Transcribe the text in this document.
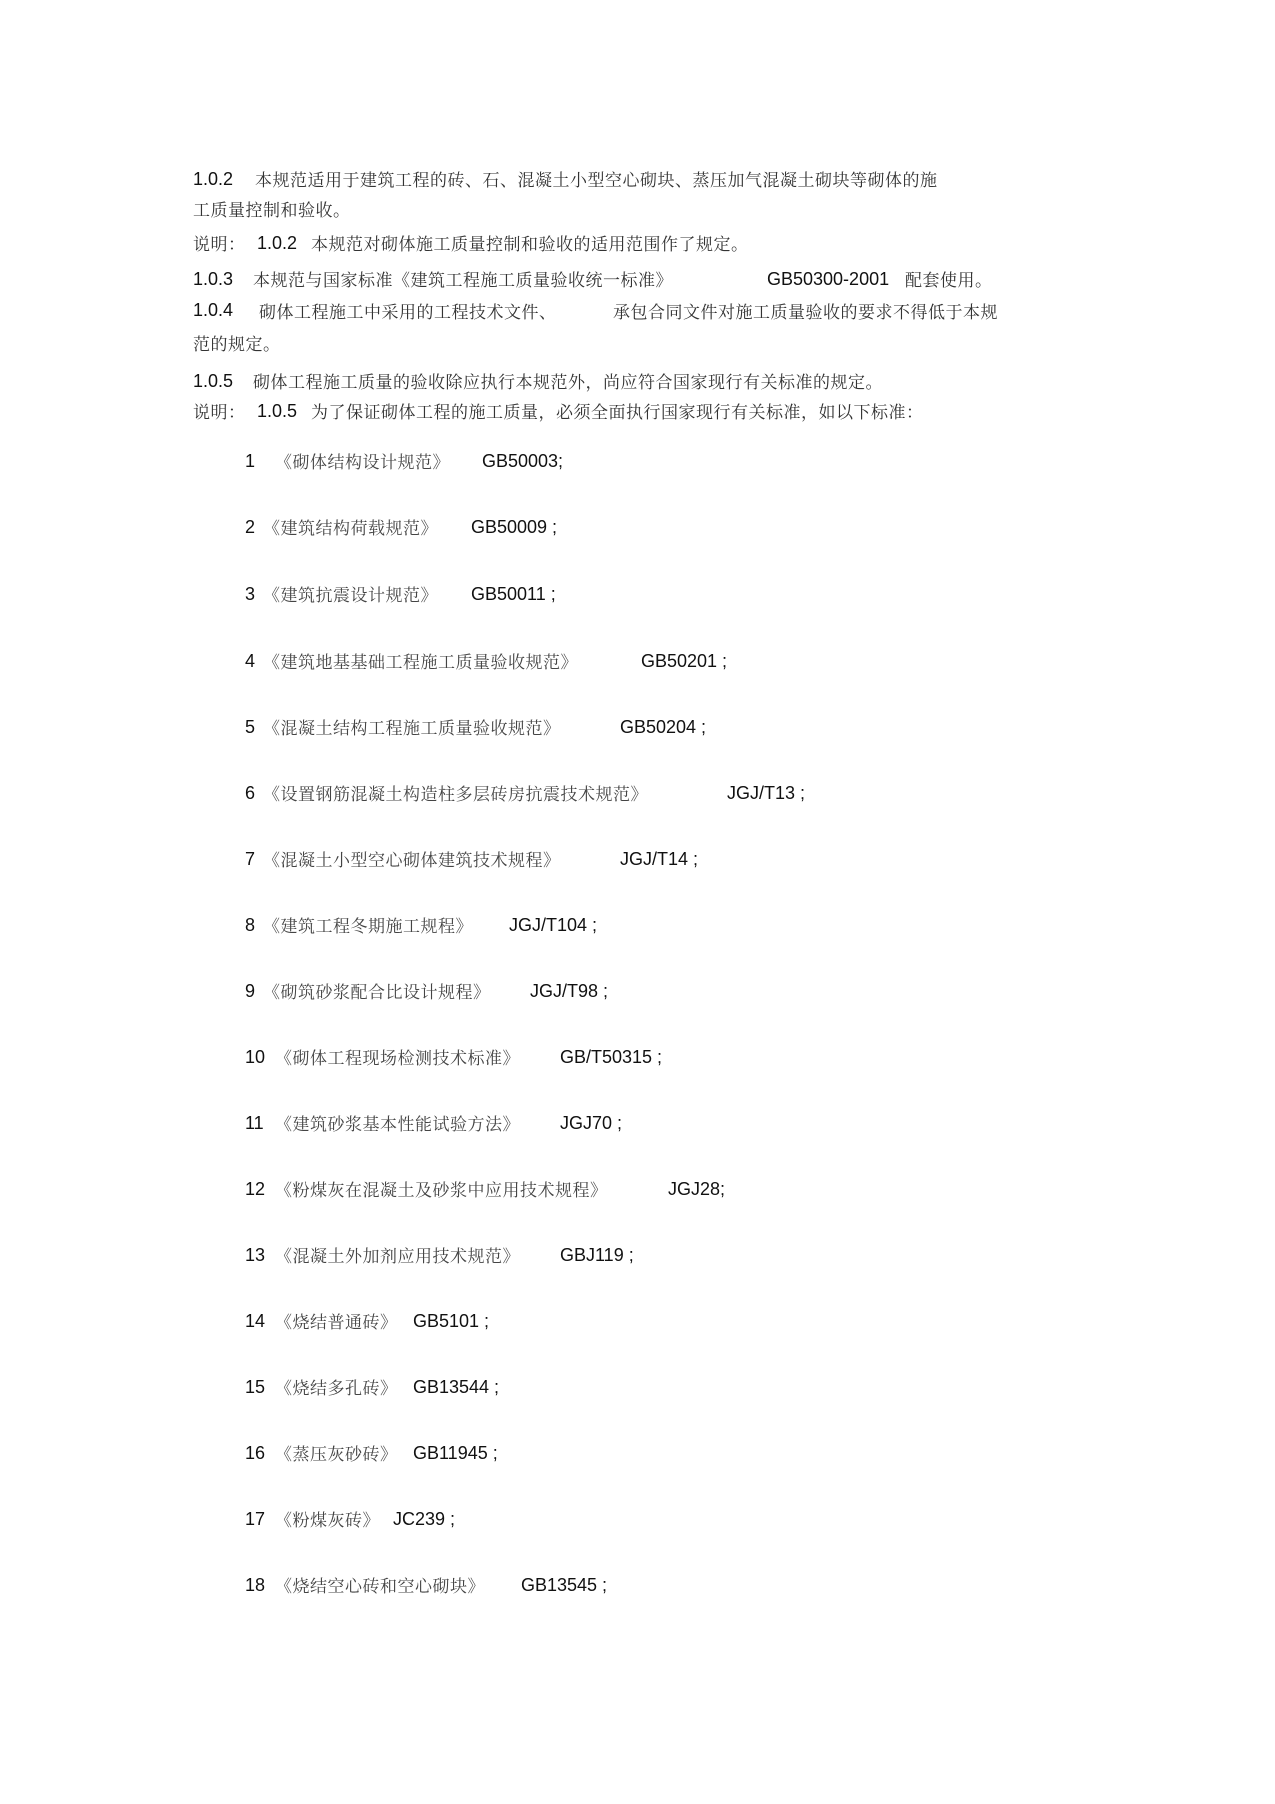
1.0.2 本规范适用于建筑工程的砖、石、混凝土小型空心砌块、蒸压加气混凝土砌块等砌体的施
工质量控制和验收。
说明： 1.0.2 本规范对砌体施工质量控制和验收的适用范围作了规定。
1.0.3 本规范与国家标准《建筑工程施工质量验收统一标准》	GB50300-2001 配套使用。
1.0.4 砌体工程施工中采用的工程技术文件、	承包合同文件对施工质量验收的要求不得低于本规
范的规定。
1.0.5 砌体工程施工质量的验收除应执行本规范外，尚应符合国家现行有关标准的规定。
说明： 1.0.5 为了保证砌体工程的施工质量，必须全面执行国家现行有关标准，如以下标准：
1 《砌体结构设计规范》 GB50003;
2 《建筑结构荷载规范》 GB50009 ;
3 《建筑抗震设计规范》 GB50011 ;
4 《建筑地基基础工程施工质量验收规范》	GB50201 ;
5 《混凝土结构工程施工质量验收规范》	GB50204 ;
6 《设置钢筋混凝土构造柱多层砖房抗震技术规范》	JGJ/T13 ;
7 《混凝土小型空心砌体建筑技术规程》	JGJ/T14 ;
8 《建筑工程冬期施工规程》 JGJ/T104 ;
9 《砌筑砂浆配合比设计规程》 JGJ/T98 ;
10 《砌体工程现场检测技术标准》 GB/T50315 ;
11 《建筑砂浆基本性能试验方法》 JGJ70 ;
12 《粉煤灰在混凝土及砂浆中应用技术规程》	JGJ28;
13 《混凝土外加剂应用技术规范》 GBJ119 ;
14 《烧结普通砖》 GB5101 ;
15 《烧结多孔砖》 GB13544 ;
16 《蒸压灰砂砖》 GB11945 ;
17 《粉煤灰砖》 JC239 ;
18 《烧结空心砖和空心砌块》 GB13545 ;
